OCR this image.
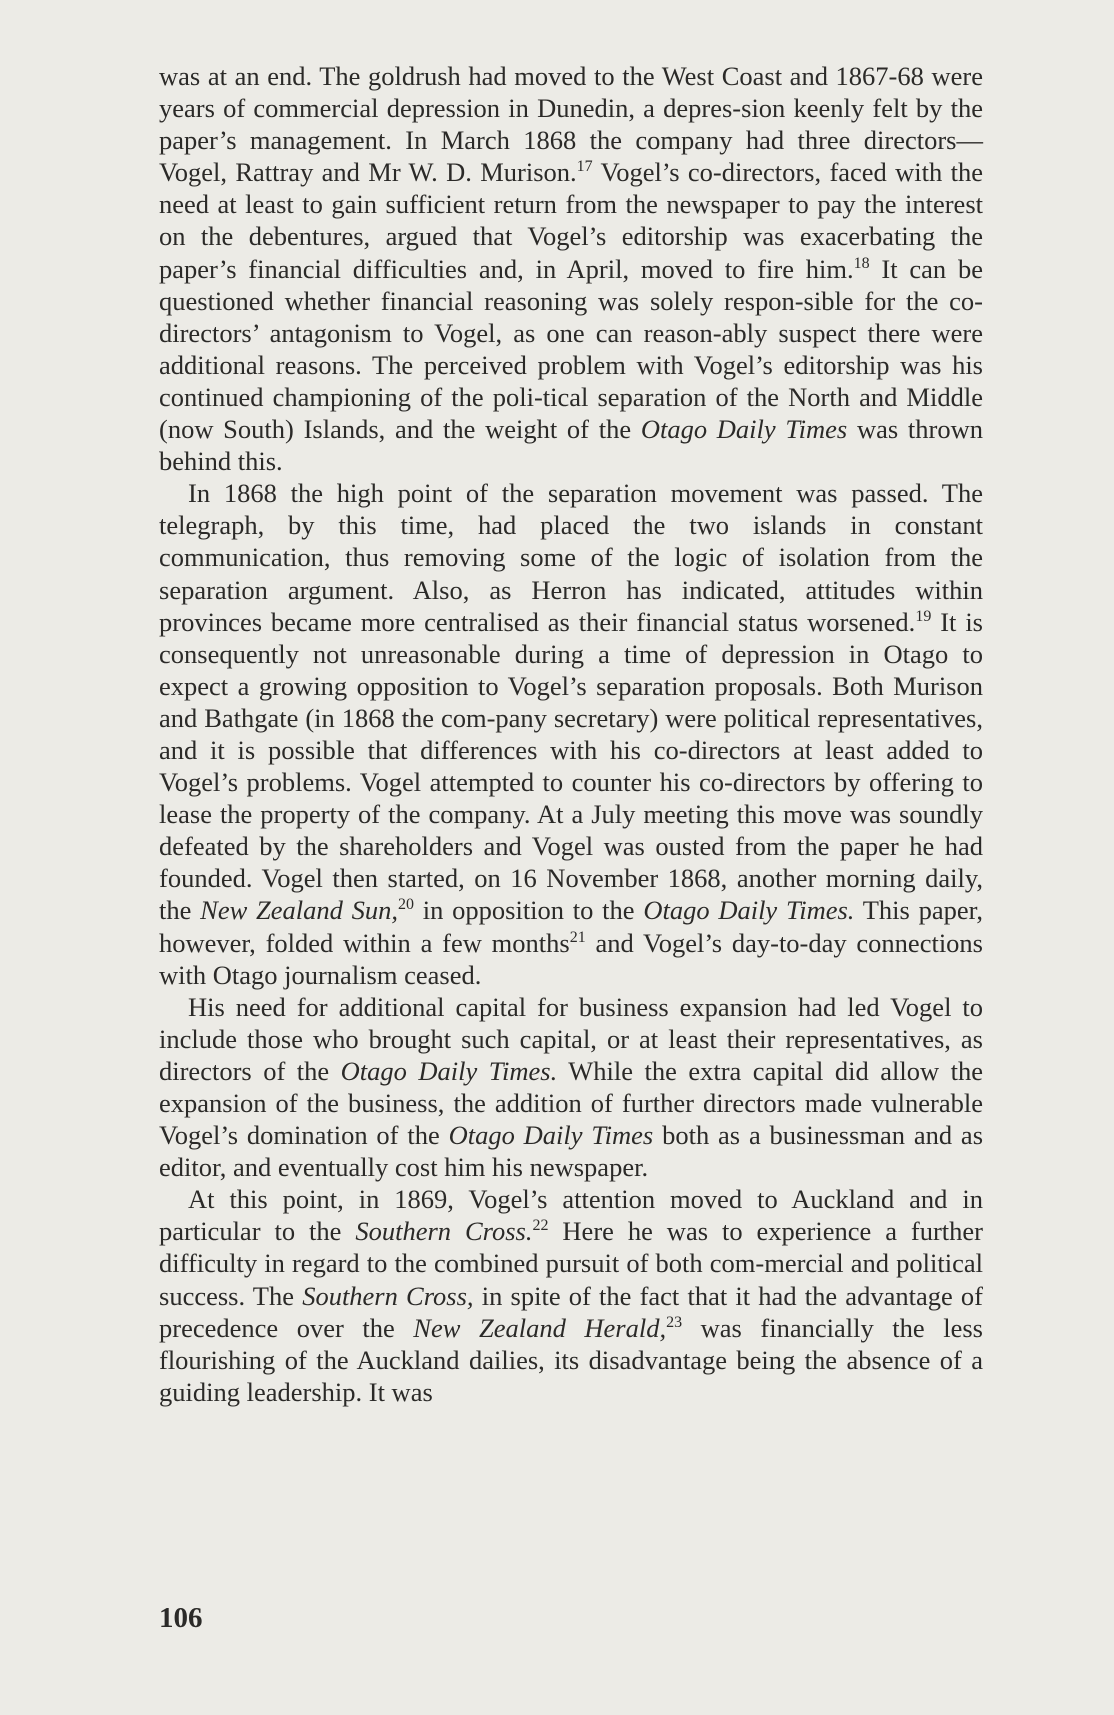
was at an end. The goldrush had moved to the West Coast and 1867-68 were years of commercial depression in Dunedin, a depres-sion keenly felt by the paper’s management. In March 1868 the company had three directors—Vogel, Rattray and Mr W. D. Murison.$^{17}$ Vogel’s co-directors, faced with the need at least to gain sufficient return from the newspaper to pay the interest on the debentures, argued that Vogel’s editorship was exacerbating the paper’s financial difficulties and, in April, moved to fire him.$^{18}$ It can be questioned whether financial reasoning was solely respon-sible for the co-directors’ antagonism to Vogel, as one can reason-ably suspect there were additional reasons. The perceived problem with Vogel’s editorship was his continued championing of the poli-tical separation of the North and Middle (now South) Islands, and the weight of the Otago Daily Times was thrown behind this.

In 1868 the high point of the separation movement was passed. The telegraph, by this time, had placed the two islands in constant communication, thus removing some of the logic of isolation from the separation argument. Also, as Herron has indicated, attitudes within provinces became more centralised as their financial status worsened.$^{19}$ It is consequently not unreasonable during a time of depression in Otago to expect a growing opposition to Vogel’s separation proposals. Both Murison and Bathgate (in 1868 the com-pany secretary) were political representatives, and it is possible that differences with his co-directors at least added to Vogel’s problems. Vogel attempted to counter his co-directors by offering to lease the property of the company. At a July meeting this move was soundly defeated by the shareholders and Vogel was ousted from the paper he had founded. Vogel then started, on 16 November 1868, another morning daily, the New Zealand Sun,$^{20}$ in opposition to the Otago Daily Times. This paper, however, folded within a few months$^{21}$ and Vogel’s day-to-day connections with Otago journalism ceased.

His need for additional capital for business expansion had led Vogel to include those who brought such capital, or at least their representatives, as directors of the Otago Daily Times. While the extra capital did allow the expansion of the business, the addition of further directors made vulnerable Vogel’s domination of the Otago Daily Times both as a businessman and as editor, and eventually cost him his newspaper.

At this point, in 1869, Vogel’s attention moved to Auckland and in particular to the Southern Cross.$^{22}$ Here he was to experience a further difficulty in regard to the combined pursuit of both com-mercial and political success. The Southern Cross, in spite of the fact that it had the advantage of precedence over the New Zealand Herald,$^{23}$ was financially the less flourishing of the Auckland dailies, its disadvantage being the absence of a guiding leadership. It was

106
